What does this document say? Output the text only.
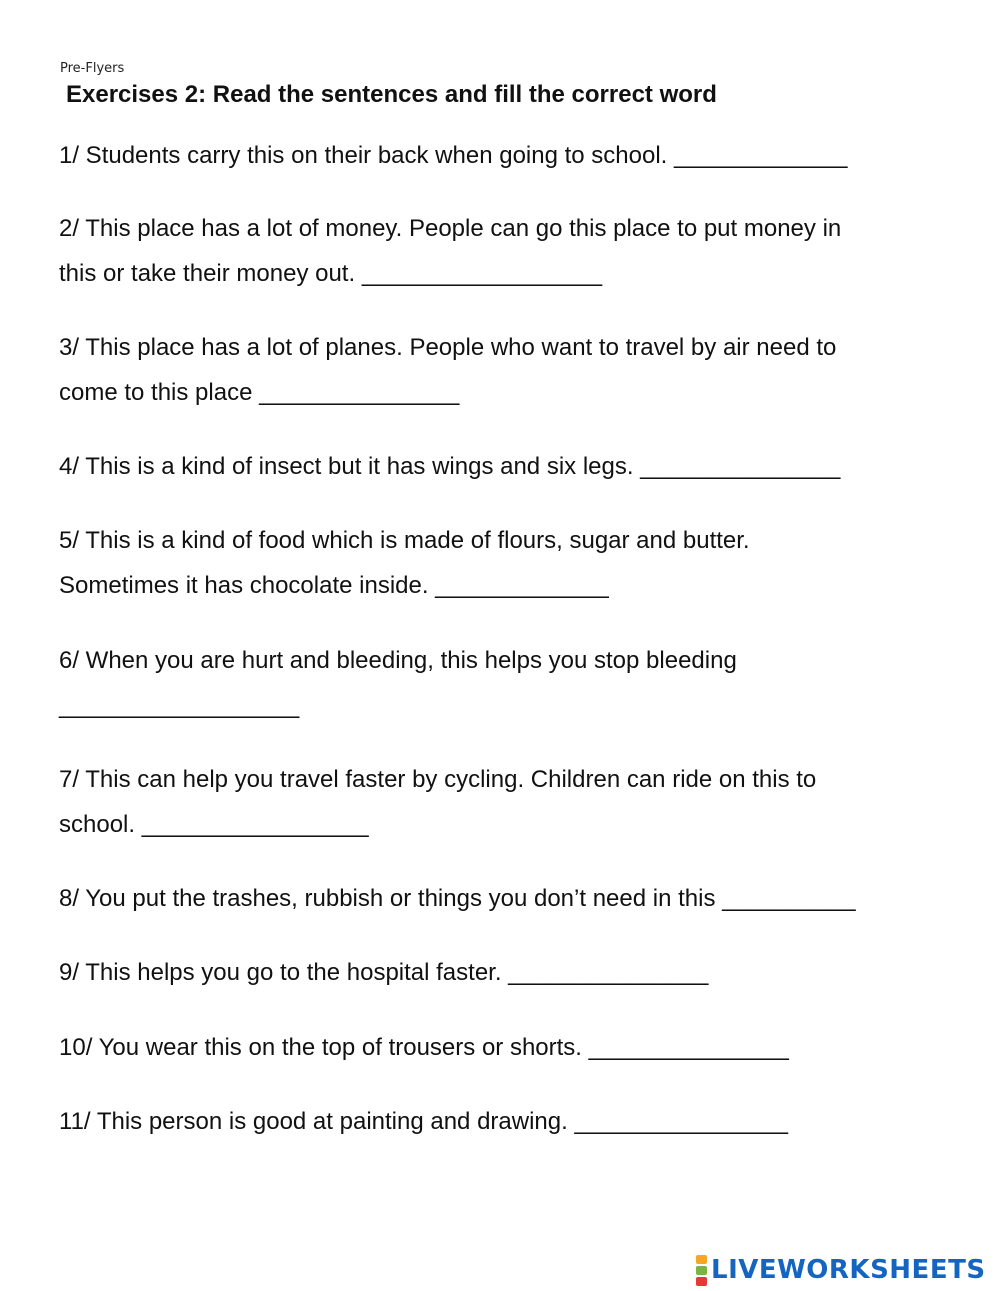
Pre-Flyers
Exercises 2: Read the sentences and fill the correct word
1/ Students carry this on their back when going to school. _____________
2/ This place has a lot of money. People can go this place to put money in
this or take their money out. __________________
3/ This place has a lot of planes. People who want to travel by air need to
come to this place _______________
4/ This is a kind of insect but it has wings and six legs. _______________
5/ This is a kind of food which is made of flours, sugar and butter.
Sometimes it has chocolate inside. _____________
6/ When you are hurt and bleeding, this helps you stop bleeding
__________________
7/ This can help you travel faster by cycling. Children can ride on this to
school. _________________
8/ You put the trashes, rubbish or things you don’t need in this __________
9/ This helps you go to the hospital faster. _______________
10/ You wear this on the top of trousers or shorts. _______________
11/ This person is good at painting and drawing. ________________
LIVEWORKSHEETS
